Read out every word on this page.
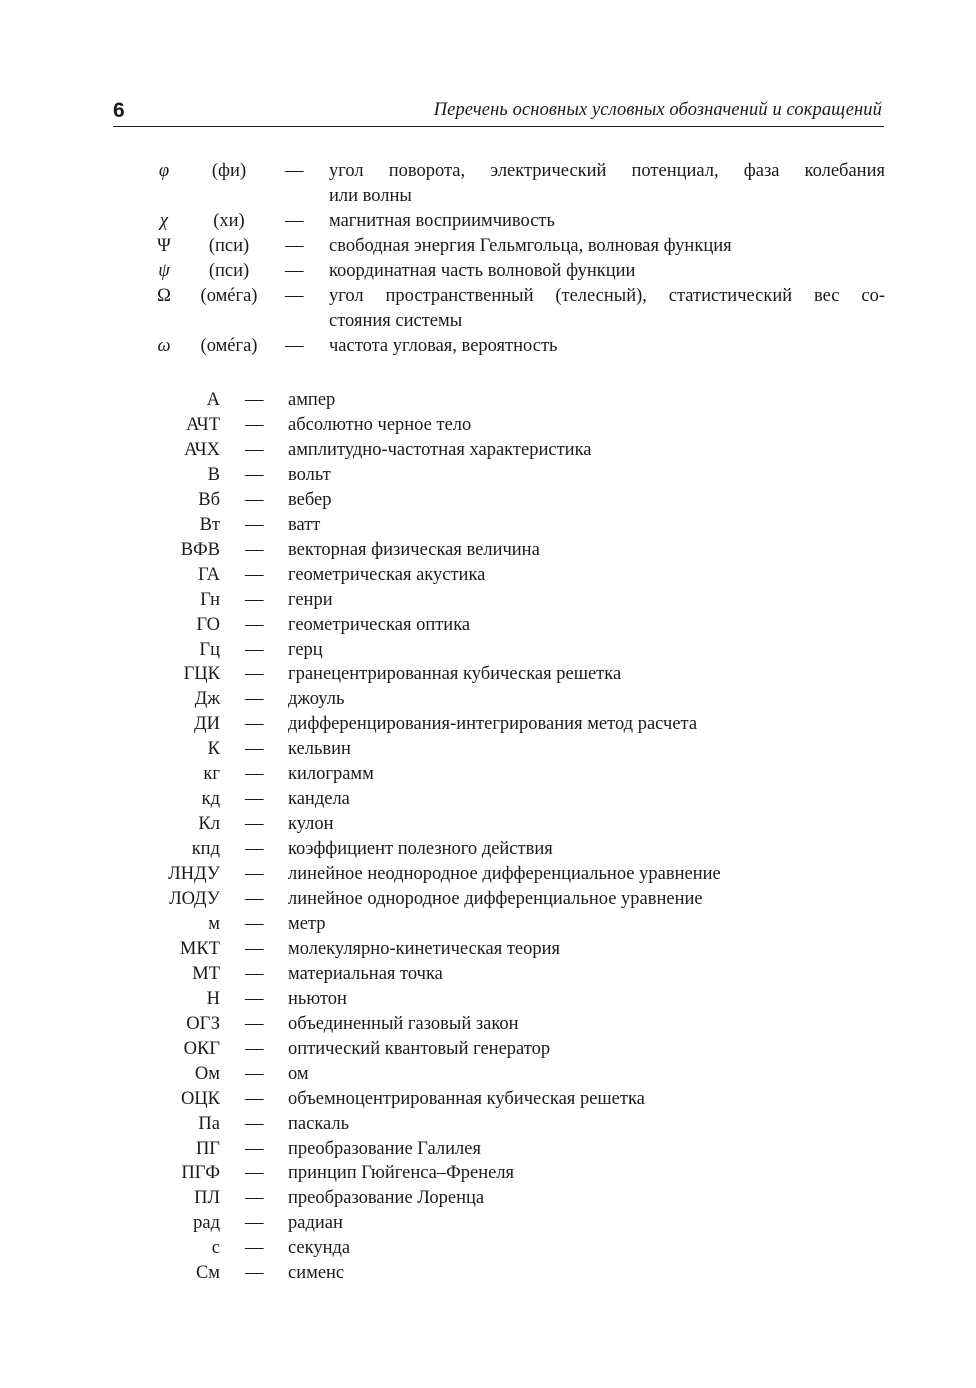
6	Перечень основных условных обозначений и сокращений
φ	(фи)	— угол поворота, электрический потенциал, фаза колебания
или волны
χ	(хи)	— магнитная восприимчивость
Ψ	(пси)	— свободная энергия Гельмгольца, волновая функция
ψ	(пси)	— координатная часть волновой функции
Ω	(омéга)	— угол пространственный (телесный), статистический вес со-
стояния системы
ω	(омéга)	— частота угловая, вероятность
А — ампер
АЧТ — абсолютно черное тело
АЧХ — амплитудно-частотная характеристика
В — вольт
Вб — вебер
Вт — ватт
ВФВ — векторная физическая величина
ГА — геометрическая акустика
Гн — генри
ГО — геометрическая оптика
Гц — герц
ГЦК — гранецентрированная кубическая решетка
Дж — джоуль
ДИ — дифференцирования-интегрирования метод расчета
К — кельвин
кг — килограмм
кд — кандела
Кл — кулон
кпд — коэффициент полезного действия
ЛНДУ — линейное неоднородное дифференциальное уравнение
ЛОДУ — линейное однородное дифференциальное уравнение
м — метр
МКТ — молекулярно-кинетическая теория
МТ — материальная точка
Н — ньютон
ОГЗ — объединенный газовый закон
ОКГ — оптический квантовый генератор
Ом — ом
ОЦК — объемноцентрированная кубическая решетка
Па — паскаль
ПГ — преобразование Галилея
ПГФ — принцип Гюйгенса–Френеля
ПЛ — преобразование Лоренца
рад — радиан
с — секунда
См — сименс
